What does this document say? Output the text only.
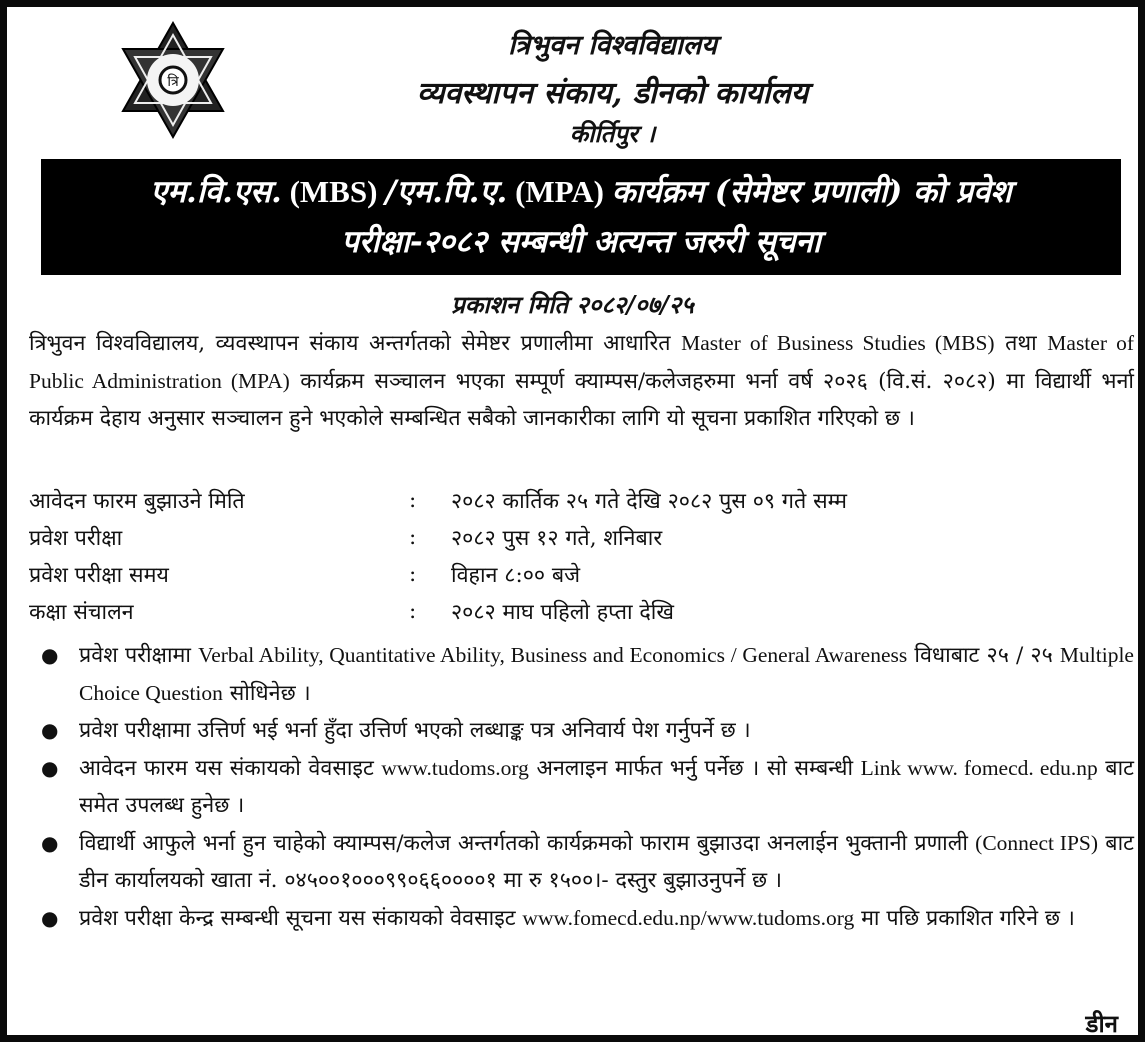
त्रि
त्रिभुवन विश्वविद्यालय
व्यवस्थापन संकाय, डीनको कार्यालय
कीर्तिपुर ।
एम.वि.एस. (MBS) /एम.पि.ए. (MPA) कार्यक्रम (सेमेष्टर प्रणाली) को प्रवेश
परीक्षा-२०८२ सम्बन्धी अत्यन्त जरुरी सूचना
प्रकाशन मिति २०८२/०७/२५
त्रिभुवन विश्वविद्यालय, व्यवस्थापन संकाय अन्तर्गतको सेमेष्टर प्रणालीमा आधारित Master of Business Studies (MBS) तथा Master of Public Administration (MPA) कार्यक्रम सञ्चालन भएका सम्पूर्ण क्याम्पस/कलेजहरुमा भर्ना वर्ष २०२६ (वि.सं. २०८२) मा विद्यार्थी भर्ना कार्यक्रम देहाय अनुसार सञ्चालन हुने भएकोले सम्बन्धित सबैको जानकारीका लागि यो सूचना प्रकाशित गरिएको छ ।
आवेदन फारम बुझाउने मिति	:	२०८२ कार्तिक २५ गते देखि २०८२ पुस ०९ गते सम्म
प्रवेश परीक्षा	:	२०८२ पुस १२ गते, शनिबार
प्रवेश परीक्षा समय	:	विहान ८:०० बजे
कक्षा संचालन	:	२०८२ माघ पहिलो हप्ता देखि
● प्रवेश परीक्षामा Verbal Ability, Quantitative Ability, Business and Economics / General Awareness विधाबाट २५ / २५ Multiple Choice Question सोधिनेछ ।
● प्रवेश परीक्षामा उत्तिर्ण भई भर्ना हुँदा उत्तिर्ण भएको लब्धाङ्क पत्र अनिवार्य पेश गर्नुपर्ने छ ।
● आवेदन फारम यस संकायको वेवसाइट www.tudoms.org अनलाइन मार्फत भर्नु पर्नेछ । सो सम्बन्धी Link www. fomecd. edu.np बाट समेत उपलब्ध हुनेछ ।
● विद्यार्थी आफुले भर्ना हुन चाहेको क्याम्पस/कलेज अन्तर्गतको कार्यक्रमको फाराम बुझाउदा अनलाईन भुक्तानी प्रणाली (Connect IPS) बाट डीन कार्यालयको खाता नं. ०४५००१०००९९०६६००००१ मा रु १५००।- दस्तुर बुझाउनुपर्ने छ ।
● प्रवेश परीक्षा केन्द्र सम्बन्धी सूचना यस संकायको वेवसाइट www.fomecd.edu.np/www.tudoms.org मा पछि प्रकाशित गरिने छ ।
डीन
